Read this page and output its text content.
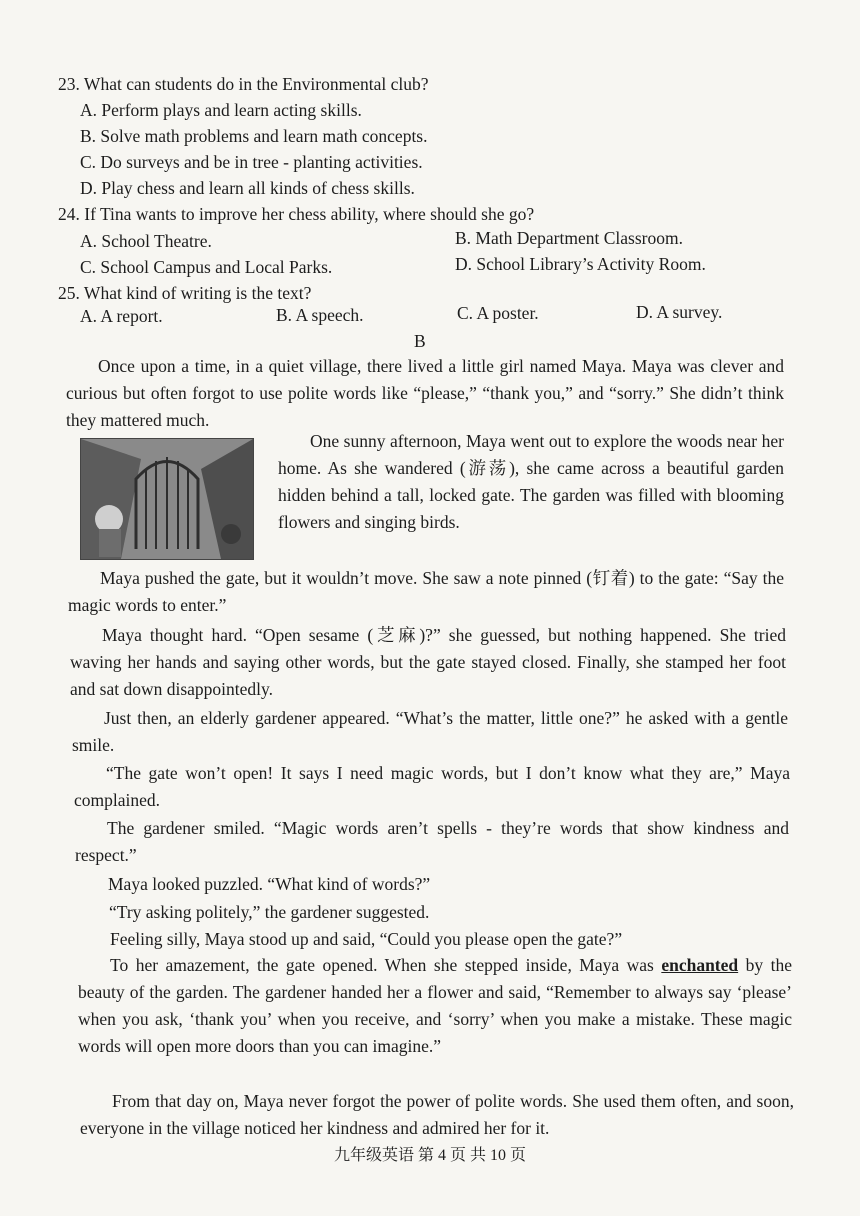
23. What can students do in the Environmental club?
A. Perform plays and learn acting skills.
B. Solve math problems and learn math concepts.
C. Do surveys and be in tree - planting activities.
D. Play chess and learn all kinds of chess skills.
24. If Tina wants to improve her chess ability, where should she go?
A. School Theatre.	B. Math Department Classroom.
C. School Campus and Local Parks.	D. School Library’s Activity Room.
25. What kind of writing is the text?
A. A report.	B. A speech.	C. A poster.	D. A survey.
B
Once upon a time, in a quiet village, there lived a little girl named Maya. Maya was clever and curious but often forgot to use polite words like “please,” “thank you,” and “sorry.” She didn’t think they mattered much.
One sunny afternoon, Maya went out to explore the woods near her home. As she wandered (游荡), she came across a beautiful garden hidden behind a tall, locked gate. The garden was filled with blooming flowers and singing birds.
Maya pushed the gate, but it wouldn’t move. She saw a note pinned (钉着) to the gate: “Say the magic words to enter.”
Maya thought hard. “Open sesame (芝麻)?” she guessed, but nothing happened. She tried waving her hands and saying other words, but the gate stayed closed. Finally, she stamped her foot and sat down disappointedly.
Just then, an elderly gardener appeared. “What’s the matter, little one?” he asked with a gentle smile.
“The gate won’t open! It says I need magic words, but I don’t know what they are,” Maya complained.
The gardener smiled. “Magic words aren’t spells - they’re words that show kindness and respect.”
Maya looked puzzled. “What kind of words?”
“Try asking politely,” the gardener suggested.
Feeling silly, Maya stood up and said, “Could you please open the gate?”
To her amazement, the gate opened. When she stepped inside, Maya was enchanted by the beauty of the garden. The gardener handed her a flower and said, “Remember to always say ‘please’ when you ask, ‘thank you’ when you receive, and ‘sorry’ when you make a mistake. These magic words will open more doors than you can imagine.”
From that day on, Maya never forgot the power of polite words. She used them often, and soon, everyone in the village noticed her kindness and admired her for it.
九年级英语 第 4 页 共 10 页
